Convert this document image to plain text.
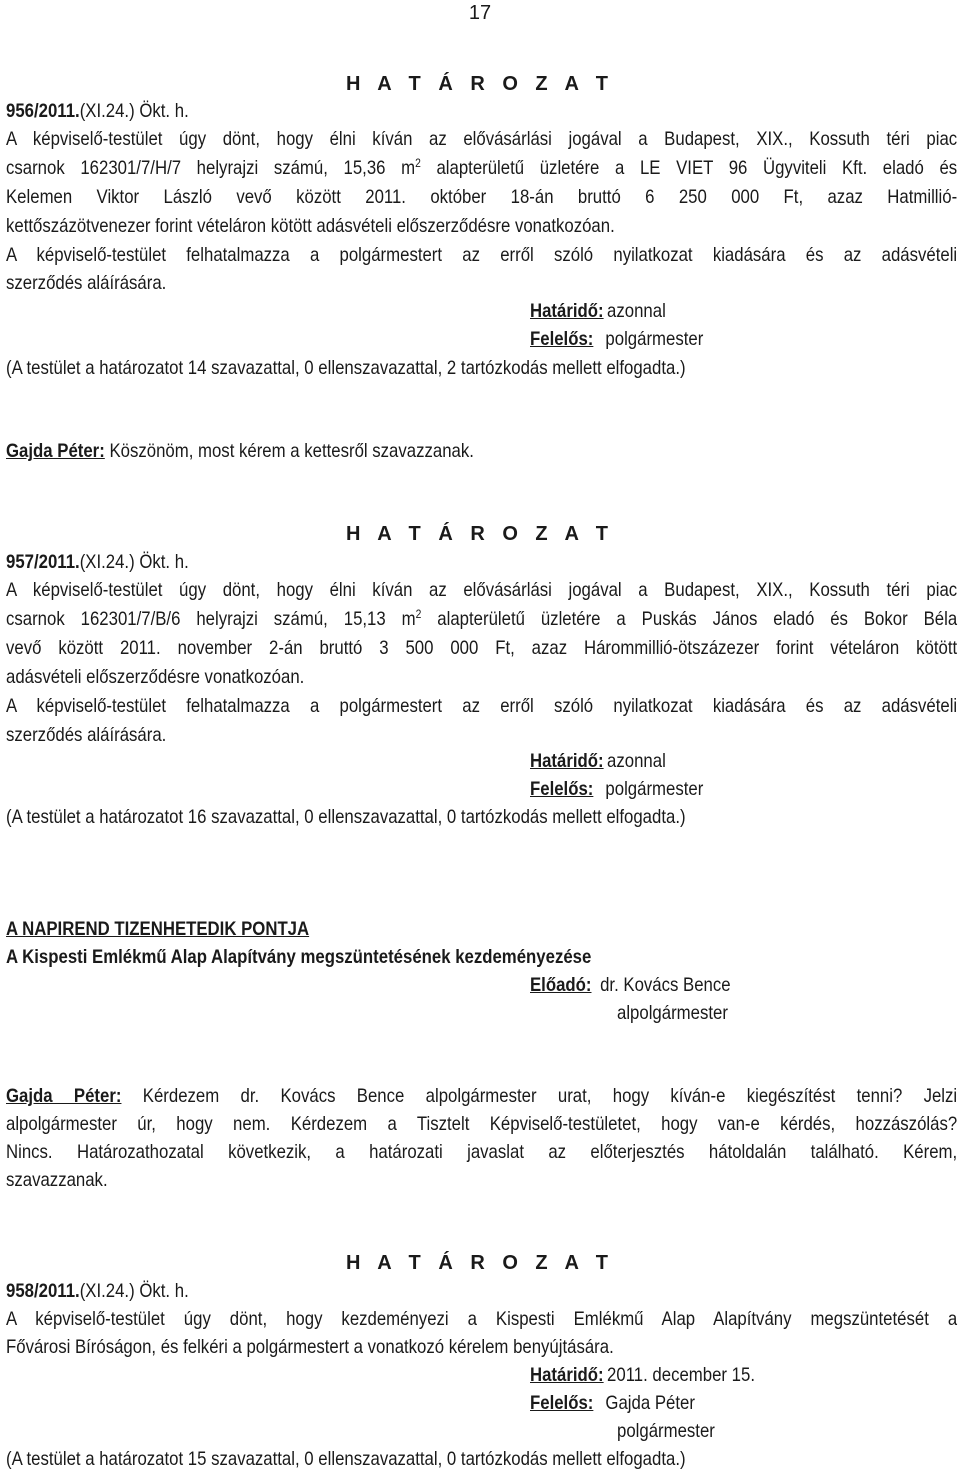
17
H A T Á R O Z A T
956/2011.(XI.24.) Ökt. h.
A képviselő-testület úgy dönt, hogy élni kíván az elővásárlási jogával a Budapest, XIX., Kossuth téri piac
csarnok 162301/7/H/7 helyrajzi számú, 15,36 $m^2$ alapterületű üzletére a LE VIET 96 Ügyviteli Kft. eladó és
Kelemen Viktor László vevő között 2011. október 18-án bruttó 6 250 000 Ft, azaz Hatmillió-
kettőszázötvenezer forint vételáron kötött adásvételi előszerződésre vonatkozóan.
A képviselő-testület felhatalmazza a polgármestert az erről szóló nyilatkozat kiadására és az adásvételi
szerződés aláírására.
Határidő: azonnal
Felelős: polgármester
(A testület a határozatot 14 szavazattal, 0 ellenszavazattal, 2 tartózkodás mellett elfogadta.)
Gajda Péter: Köszönöm, most kérem a kettesről szavazzanak.
H A T Á R O Z A T
957/2011.(XI.24.) Ökt. h.
A képviselő-testület úgy dönt, hogy élni kíván az elővásárlási jogával a Budapest, XIX., Kossuth téri piac
csarnok 162301/7/B/6 helyrajzi számú, 15,13 $m^2$ alapterületű üzletére a Puskás János eladó és Bokor Béla
vevő között 2011. november 2-án bruttó 3 500 000 Ft, azaz Hárommillió-ötszázezer forint vételáron kötött
adásvételi előszerződésre vonatkozóan.
A képviselő-testület felhatalmazza a polgármestert az erről szóló nyilatkozat kiadására és az adásvételi
szerződés aláírására.
Határidő: azonnal
Felelős: polgármester
(A testület a határozatot 16 szavazattal, 0 ellenszavazattal, 0 tartózkodás mellett elfogadta.)
A NAPIREND TIZENHETEDIK PONTJA
A Kispesti Emlékmű Alap Alapítvány megszüntetésének kezdeményezése
Előadó: dr. Kovács Bence
alpolgármester
Gajda Péter: Kérdezem dr. Kovács Bence alpolgármester urat, hogy kíván-e kiegészítést tenni? Jelzi
alpolgármester úr, hogy nem. Kérdezem a Tisztelt Képviselő-testületet, hogy van-e kérdés, hozzászólás?
Nincs. Határozathozatal következik, a határozati javaslat az előterjesztés hátoldalán található. Kérem,
szavazzanak.
H A T Á R O Z A T
958/2011.(XI.24.) Ökt. h.
A képviselő-testület úgy dönt, hogy kezdeményezi a Kispesti Emlékmű Alap Alapítvány megszüntetését a
Fővárosi Bíróságon, és felkéri a polgármestert a vonatkozó kérelem benyújtására.
Határidő: 2011. december 15.
Felelős: Gajda Péter
polgármester
(A testület a határozatot 15 szavazattal, 0 ellenszavazattal, 0 tartózkodás mellett elfogadta.)
